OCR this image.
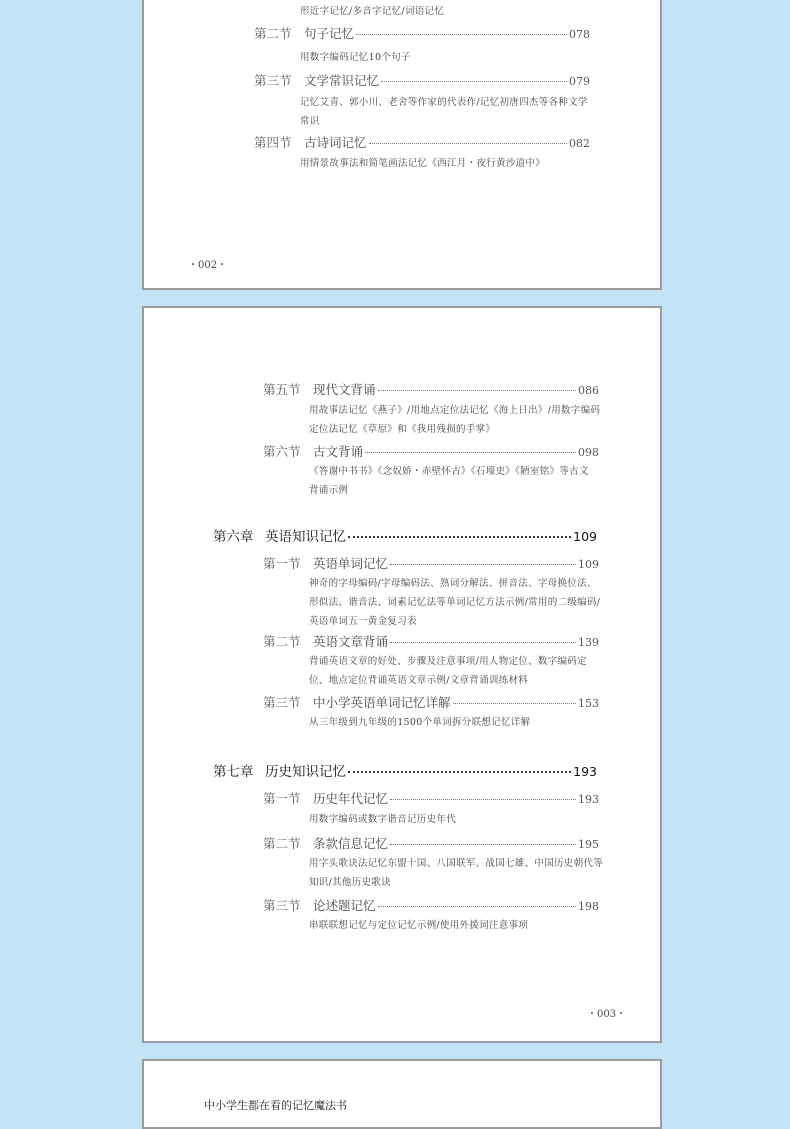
形近字记忆/多音字记忆/词语记忆
第二节 句子记忆	078
用数字编码记忆10个句子
第三节 文学常识记忆	079
记忆艾青、郭小川、老舍等作家的代表作/记忆初唐四杰等各种文学
常识
第四节 古诗词记忆	082
用情景故事法和简笔画法记忆《西江月・夜行黄沙道中》
・002・
第五节 现代文背诵	086
用故事法记忆《燕子》/用地点定位法记忆《海上日出》/用数字编码
定位法记忆《草原》和《我用残损的手掌》
第六节 古文背诵	098
《答谢中书书》《念奴娇・赤壁怀古》《石壕吏》《陋室铭》等古文
背诵示例
第六章 英语知识记忆	109
第一节 英语单词记忆	109
神奇的字母编码/字母编码法、熟词分解法、拼音法、字母换位法、
形似法、谐音法、词素记忆法等单词记忆方法示例/常用的二级编码/
英语单词五一黄金复习表
第二节 英语文章背诵	139
背诵英语文章的好处、步骤及注意事项/用人物定位、数字编码定
位、地点定位背诵英语文章示例/文章背诵训练材料
第三节 中小学英语单词记忆详解	153
从三年级到九年级的1500个单词拆分联想记忆详解
第七章 历史知识记忆	193
第一节 历史年代记忆	193
用数字编码或数字谐音记历史年代
第二节 条款信息记忆	195
用字头歌诀法记忆东盟十国、八国联军、战国七雄、中国历史朝代等
知识/其他历史歌诀
第三节 论述题记忆	198
串联联想记忆与定位记忆示例/使用外援词注意事项
・003・
中小学生都在看的记忆魔法书
